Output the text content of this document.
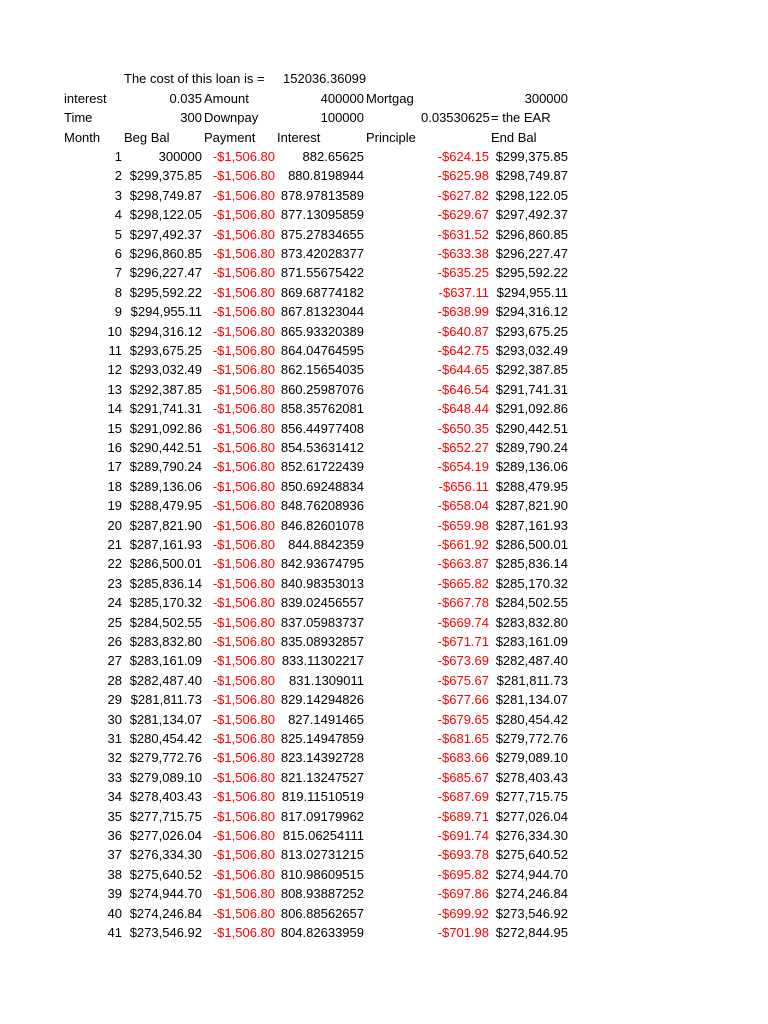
The cost of this loan is = 152036.36099
interest	0.035 Amount	400000 Mortgag	300000
Time	300 Downpay	100000	0.03530625 = the EAR
Month Beg Bal	Payment Interest	Principle	End Bal
1	300000 -$1,506.80	882.65625	-$624.15 $299,375.85
2 $299,375.85 -$1,506.80	880.8198944	-$625.98 $298,749.87
3 $298,749.87 -$1,506.80 878.97813589	-$627.82 $298,122.05
4 $298,122.05 -$1,506.80 877.13095859	-$629.67 $297,492.37
5 $297,492.37 -$1,506.80 875.27834655	-$631.52 $296,860.85
6 $296,860.85 -$1,506.80 873.42028377	-$633.38 $296,227.47
7 $296,227.47 -$1,506.80 871.55675422	-$635.25 $295,592.22
8 $295,592.22 -$1,506.80 869.68774182	-$637.11 $294,955.11
9 $294,955.11 -$1,506.80 867.81323044	-$638.99 $294,316.12
10 $294,316.12 -$1,506.80 865.93320389	-$640.87 $293,675.25
11 $293,675.25 -$1,506.80 864.04764595	-$642.75 $293,032.49
12 $293,032.49 -$1,506.80 862.15654035	-$644.65 $292,387.85
13 $292,387.85 -$1,506.80 860.25987076	-$646.54 $291,741.31
14 $291,741.31 -$1,506.80 858.35762081	-$648.44 $291,092.86
15 $291,092.86 -$1,506.80 856.44977408	-$650.35 $290,442.51
16 $290,442.51 -$1,506.80 854.53631412	-$652.27 $289,790.24
17 $289,790.24 -$1,506.80 852.61722439	-$654.19 $289,136.06
18 $289,136.06 -$1,506.80 850.69248834	-$656.11 $288,479.95
19 $288,479.95 -$1,506.80 848.76208936	-$658.04 $287,821.90
20 $287,821.90 -$1,506.80 846.82601078	-$659.98 $287,161.93
21 $287,161.93 -$1,506.80	844.8842359	-$661.92 $286,500.01
22 $286,500.01 -$1,506.80 842.93674795	-$663.87 $285,836.14
23 $285,836.14 -$1,506.80 840.98353013	-$665.82 $285,170.32
24 $285,170.32 -$1,506.80 839.02456557	-$667.78 $284,502.55
25 $284,502.55 -$1,506.80 837.05983737	-$669.74 $283,832.80
26 $283,832.80 -$1,506.80 835.08932857	-$671.71 $283,161.09
27 $283,161.09 -$1,506.80 833.11302217	-$673.69 $282,487.40
28 $282,487.40 -$1,506.80	831.1309011	-$675.67 $281,811.73
29 $281,811.73 -$1,506.80 829.14294826	-$677.66 $281,134.07
30 $281,134.07 -$1,506.80	827.1491465	-$679.65 $280,454.42
31 $280,454.42 -$1,506.80 825.14947859	-$681.65 $279,772.76
32 $279,772.76 -$1,506.80 823.14392728	-$683.66 $279,089.10
33 $279,089.10 -$1,506.80 821.13247527	-$685.67 $278,403.43
34 $278,403.43 -$1,506.80 819.11510519	-$687.69 $277,715.75
35 $277,715.75 -$1,506.80 817.09179962	-$689.71 $277,026.04
36 $277,026.04 -$1,506.80 815.06254111	-$691.74 $276,334.30
37 $276,334.30 -$1,506.80 813.02731215	-$693.78 $275,640.52
38 $275,640.52 -$1,506.80 810.98609515	-$695.82 $274,944.70
39 $274,944.70 -$1,506.80 808.93887252	-$697.86 $274,246.84
40 $274,246.84 -$1,506.80 806.88562657	-$699.92 $273,546.92
41 $273,546.92 -$1,506.80 804.82633959	-$701.98 $272,844.95
